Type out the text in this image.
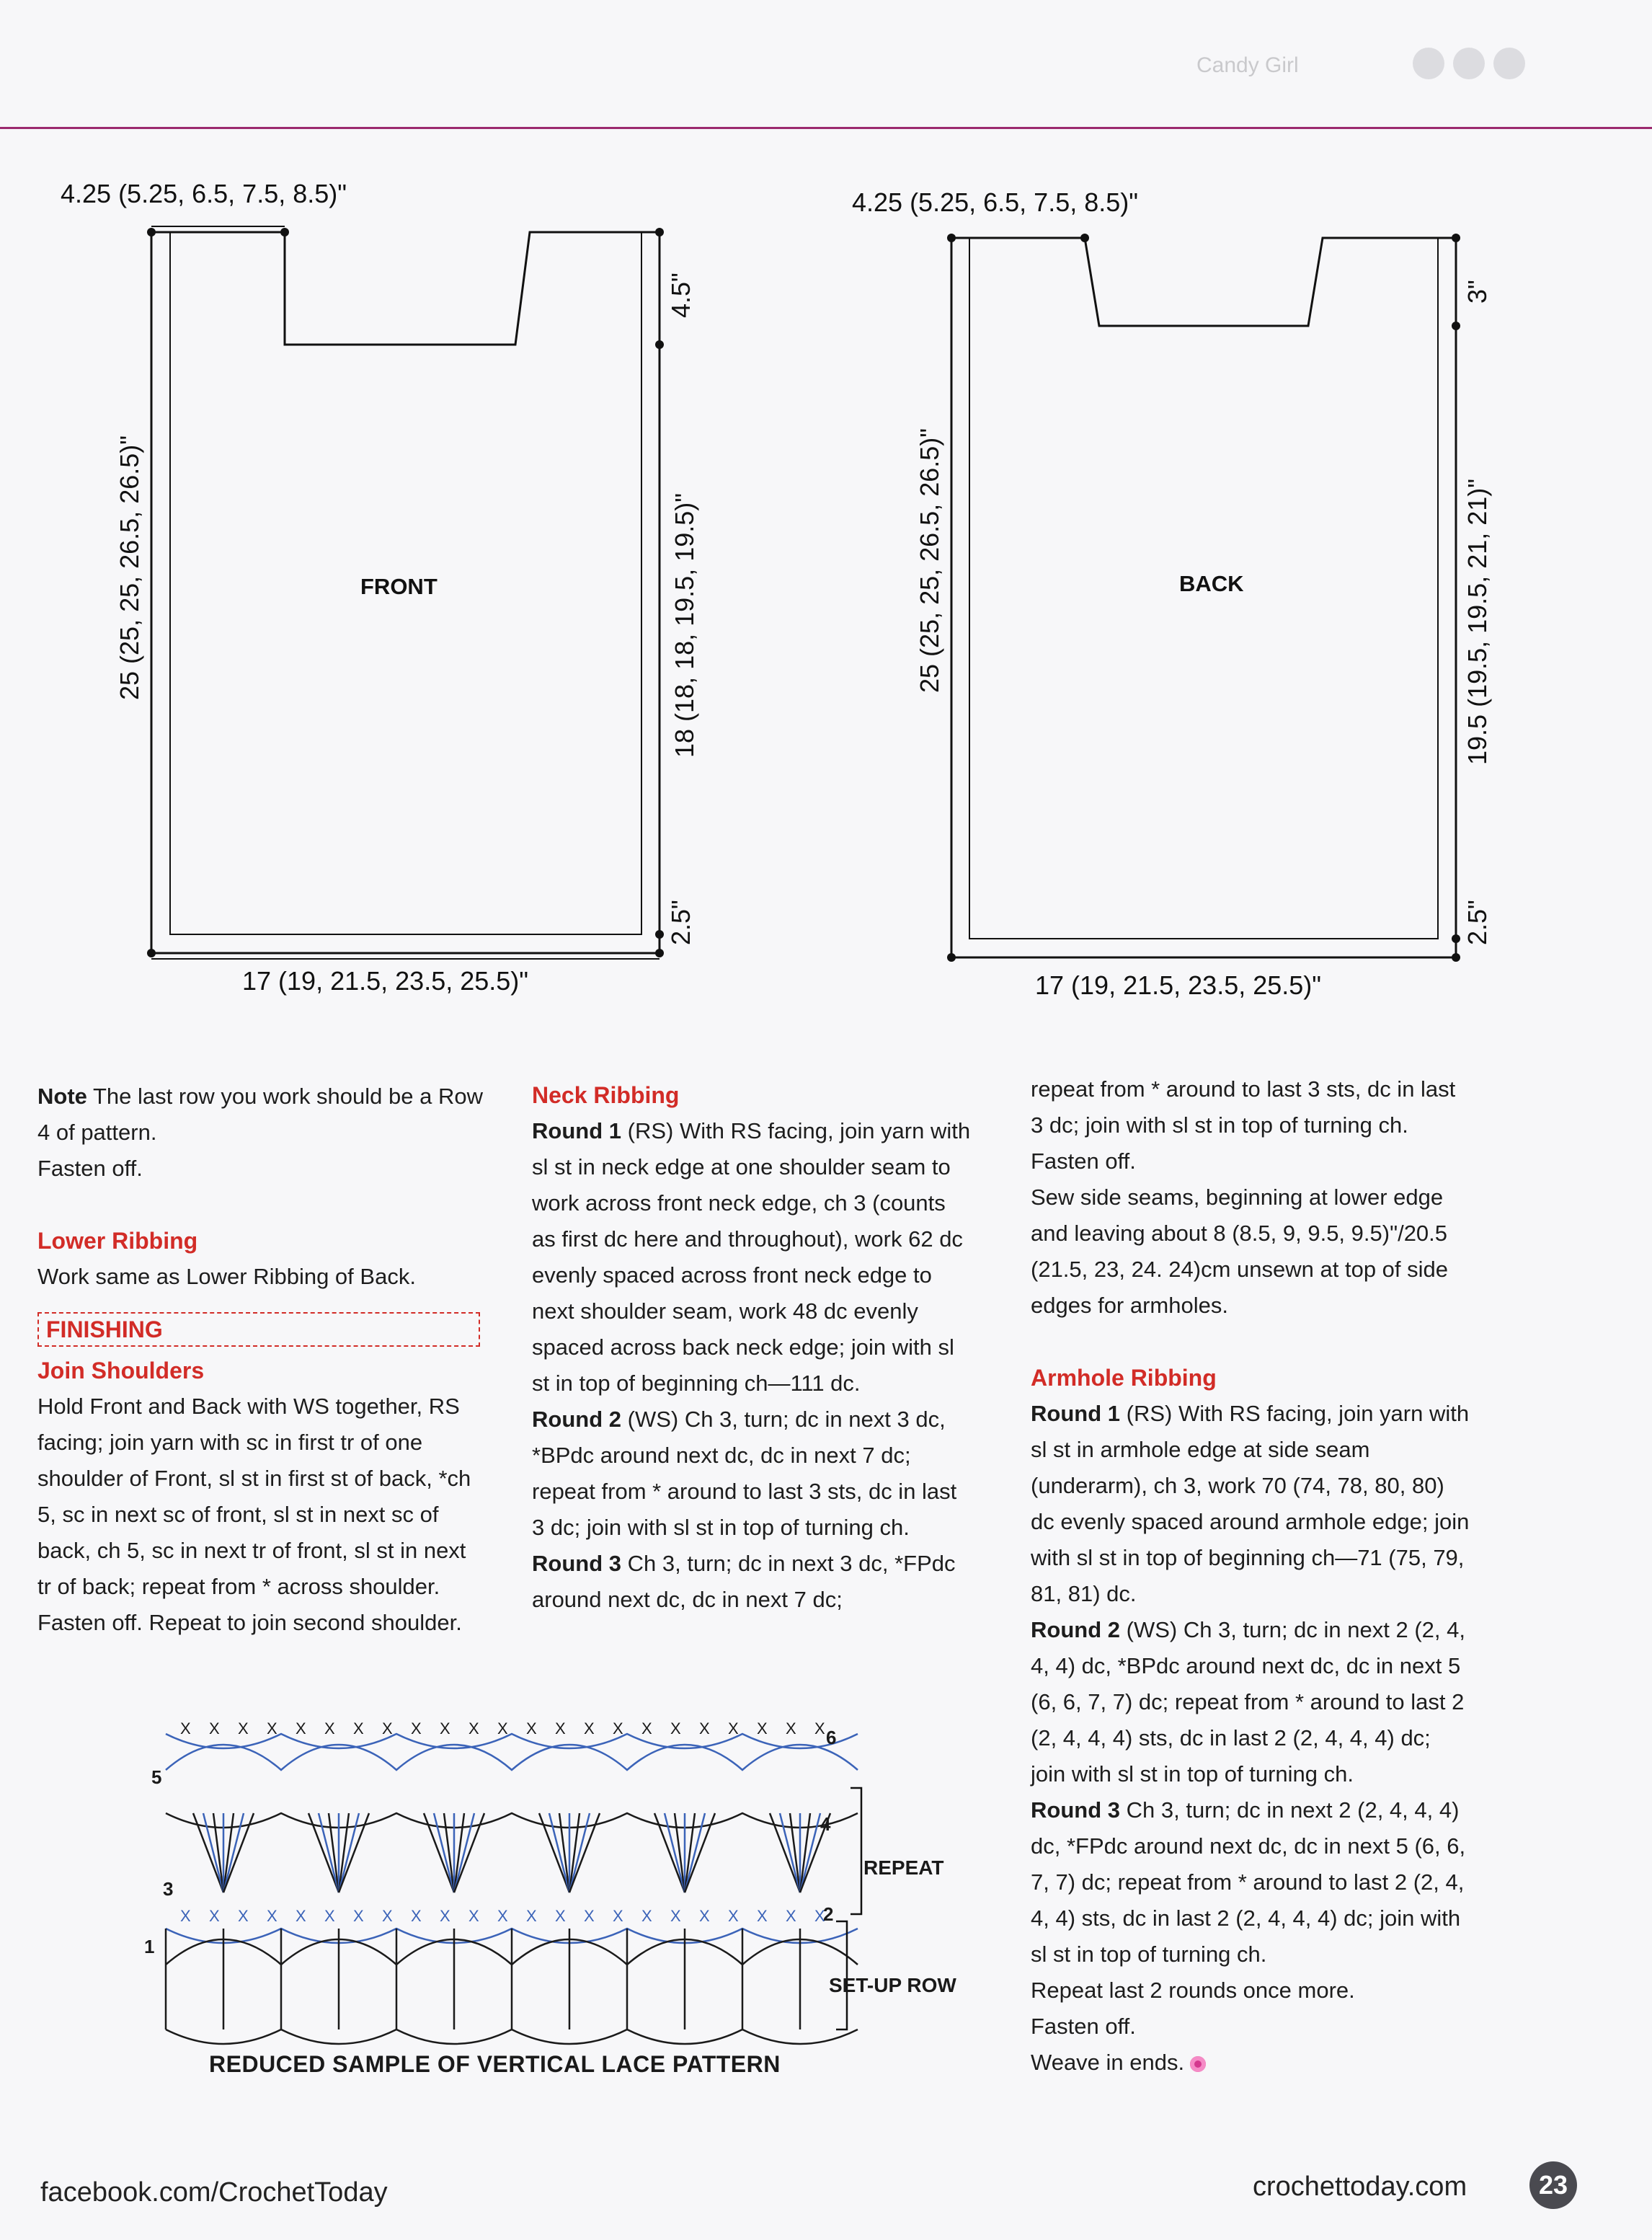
Candy Girl
4.25 (5.25, 6.5, 7.5, 8.5)"
FRONT
17 (19, 21.5, 23.5, 25.5)"
25 (25, 25, 26.5, 26.5)"
4.5"
18 (18, 18, 19.5, 19.5)"
2.5"
4.25 (5.25, 6.5, 7.5, 8.5)"
BACK
17 (19, 21.5, 23.5, 25.5)"
25 (25, 25, 26.5, 26.5)"
3"
19.5 (19.5, 19.5, 21, 21)"
2.5"

Note The last row you work should be a Row 4 of pattern.

Fasten off.

Lower Ribbing

Work same as Lower Ribbing of Back.

FINISHING

Join Shoulders

Hold Front and Back with WS together, RS facing; join yarn with sc in first tr of one shoulder of Front, sl st in first st of back, *ch 5, sc in next sc of front, sl st in next sc of back, ch 5, sc in next tr of front, sl st in next tr of back; repeat from * across shoulder. Fasten off. Repeat to join second shoulder.

Neck Ribbing

Round 1 (RS) With RS facing, join yarn with sl st in neck edge at one shoulder seam to work across front neck edge, ch 3 (counts as first dc here and throughout), work 62 dc evenly spaced across front neck edge to next shoulder seam, work 48 dc evenly spaced across back neck edge; join with sl st in top of beginning ch—111 dc.

Round 2 (WS) Ch 3, turn; dc in next 3 dc, *BPdc around next dc, dc in next 7 dc; repeat from * around to last 3 sts, dc in last 3 dc; join with sl st in top of turning ch.

Round 3 Ch 3, turn; dc in next 3 dc, *FPdc around next dc, dc in next 7 dc;

repeat from * around to last 3 sts, dc in last 3 dc; join with sl st in top of turning ch. Fasten off.

Sew side seams, beginning at lower edge and leaving about 8 (8.5, 9, 9.5, 9.5)"/20.5 (21.5, 23, 24. 24)cm unsewn at top of side edges for armholes.

Armhole Ribbing

Round 1 (RS) With RS facing, join yarn with sl st in armhole edge at side seam (underarm), ch 3, work 70 (74, 78, 80, 80) dc evenly spaced around armhole edge; join with sl st in top of beginning ch—71 (75, 79, 81, 81) dc.

Round 2 (WS) Ch 3, turn; dc in next 2 (2, 4, 4, 4) dc, *BPdc around next dc, dc in next 5 (6, 6, 7, 7) dc; repeat from * around to last 2 (2, 4, 4, 4) sts, dc in last 2 (2, 4, 4, 4) dc; join with sl st in top of turning ch.

Round 3 Ch 3, turn; dc in next 2 (2, 4, 4, 4) dc, *FPdc around next dc, dc in next 5 (6, 6, 7, 7) dc; repeat from * around to last 2 (2, 4, 4, 4) sts, dc in last 2 (2, 4, 4, 4) dc; join with sl st in top of turning ch.

Repeat last 2 rounds once more.

Fasten off.

Weave in ends.

X X X X X X X X X X X X X X X X X X X X X X X
X X X X X X X X X X X X X X X X X X X X X X X
5
6
4
3
2
1
REPEAT
SET-UP ROW
REDUCED SAMPLE OF VERTICAL LACE PATTERN
facebook.com/CrochetToday	crochettoday.com	23
